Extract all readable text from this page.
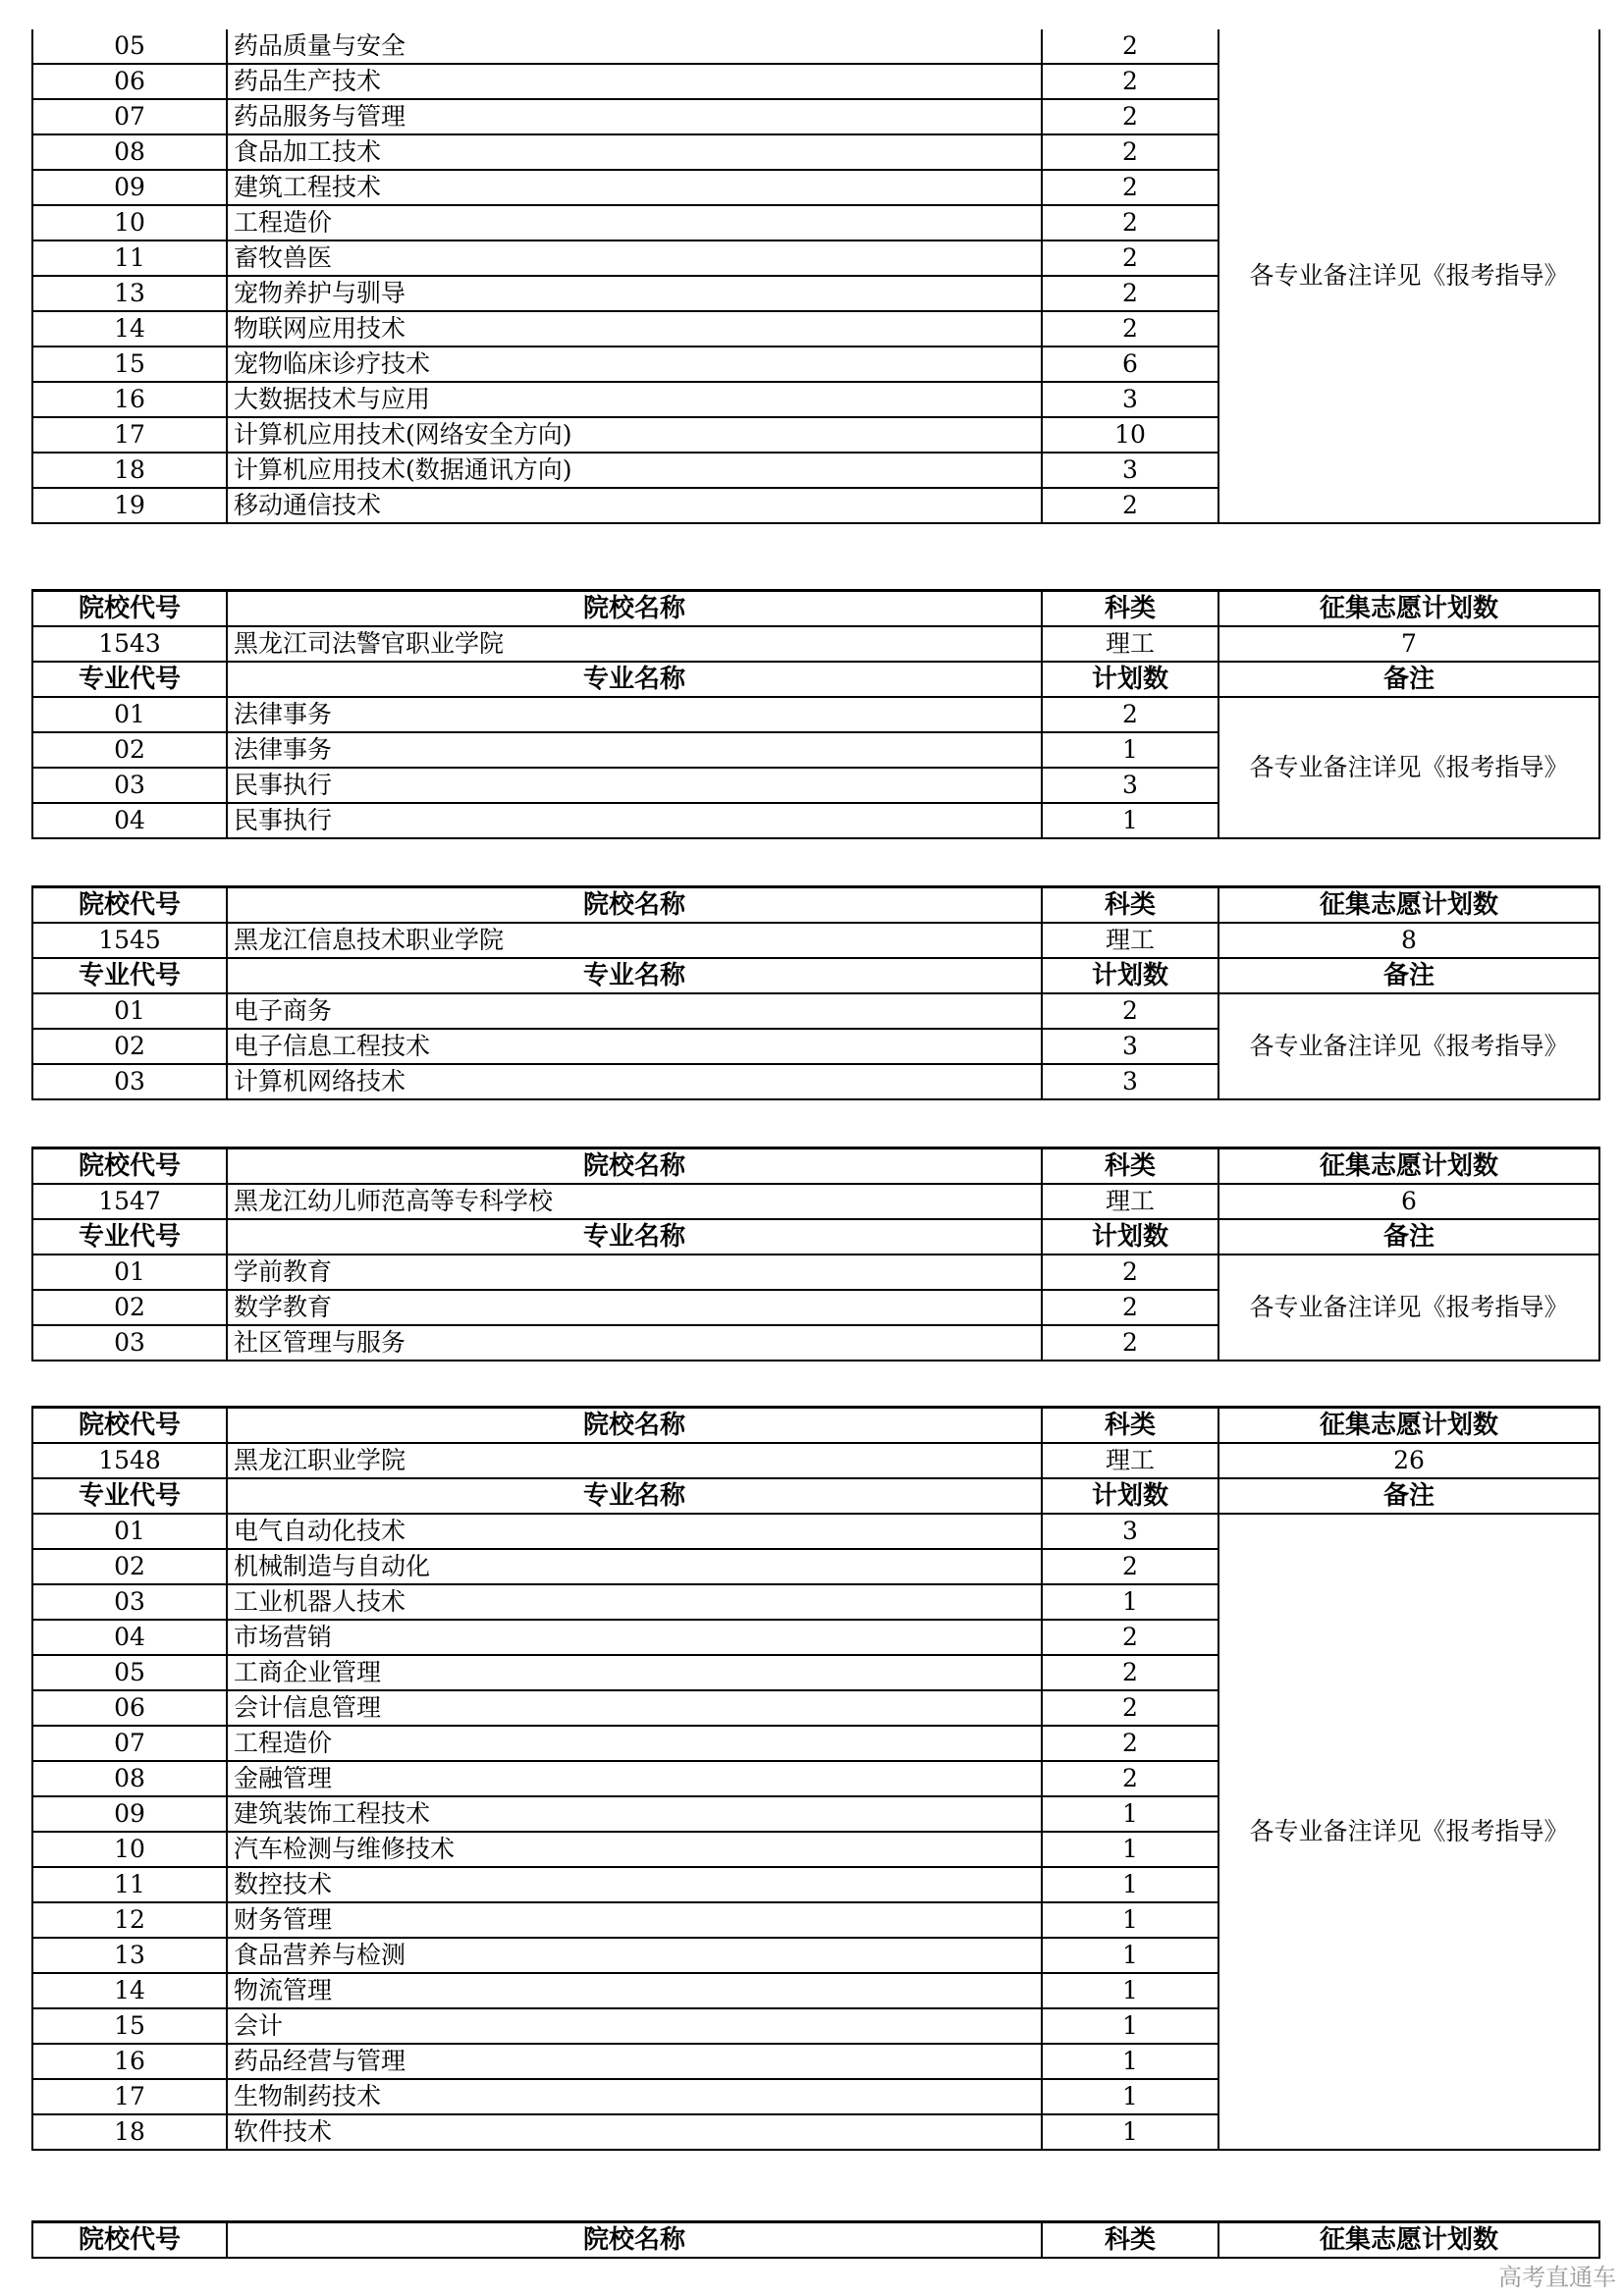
05	药品质量与安全	2	各专业备注详见《报考指导》
06	药品生产技术	2	
07	药品服务与管理	2	
08	食品加工技术	2	
09	建筑工程技术	2	
10	工程造价	2	
11	畜牧兽医	2	
13	宠物养护与驯导	2	
14	物联网应用技术	2	
15	宠物临床诊疗技术	6	
16	大数据技术与应用	3	
17	计算机应用技术(网络安全方向)	10	
18	计算机应用技术(数据通讯方向)	3	
19	移动通信技术	2	
院校代号	院校名称	科类	征集志愿计划数
1543	黑龙江司法警官职业学院	理工	7
专业代号	专业名称	计划数	备注
01	法律事务	2	各专业备注详见《报考指导》
02	法律事务	1	
03	民事执行	3	
04	民事执行	1	
院校代号	院校名称	科类	征集志愿计划数
1545	黑龙江信息技术职业学院	理工	8
专业代号	专业名称	计划数	备注
01	电子商务	2	各专业备注详见《报考指导》
02	电子信息工程技术	3	
03	计算机网络技术	3	
院校代号	院校名称	科类	征集志愿计划数
1547	黑龙江幼儿师范高等专科学校	理工	6
专业代号	专业名称	计划数	备注
01	学前教育	2	各专业备注详见《报考指导》
02	数学教育	2	
03	社区管理与服务	2	
院校代号	院校名称	科类	征集志愿计划数
1548	黑龙江职业学院	理工	26
专业代号	专业名称	计划数	备注
01	电气自动化技术	3	各专业备注详见《报考指导》
02	机械制造与自动化	2	
03	工业机器人技术	1	
04	市场营销	2	
05	工商企业管理	2	
06	会计信息管理	2	
07	工程造价	2	
08	金融管理	2	
09	建筑装饰工程技术	1	
10	汽车检测与维修技术	1	
11	数控技术	1	
12	财务管理	1	
13	食品营养与检测	1	
14	物流管理	1	
15	会计	1	
16	药品经营与管理	1	
17	生物制药技术	1	
18	软件技术	1	
院校代号	院校名称	科类	征集志愿计划数
高考直通车
